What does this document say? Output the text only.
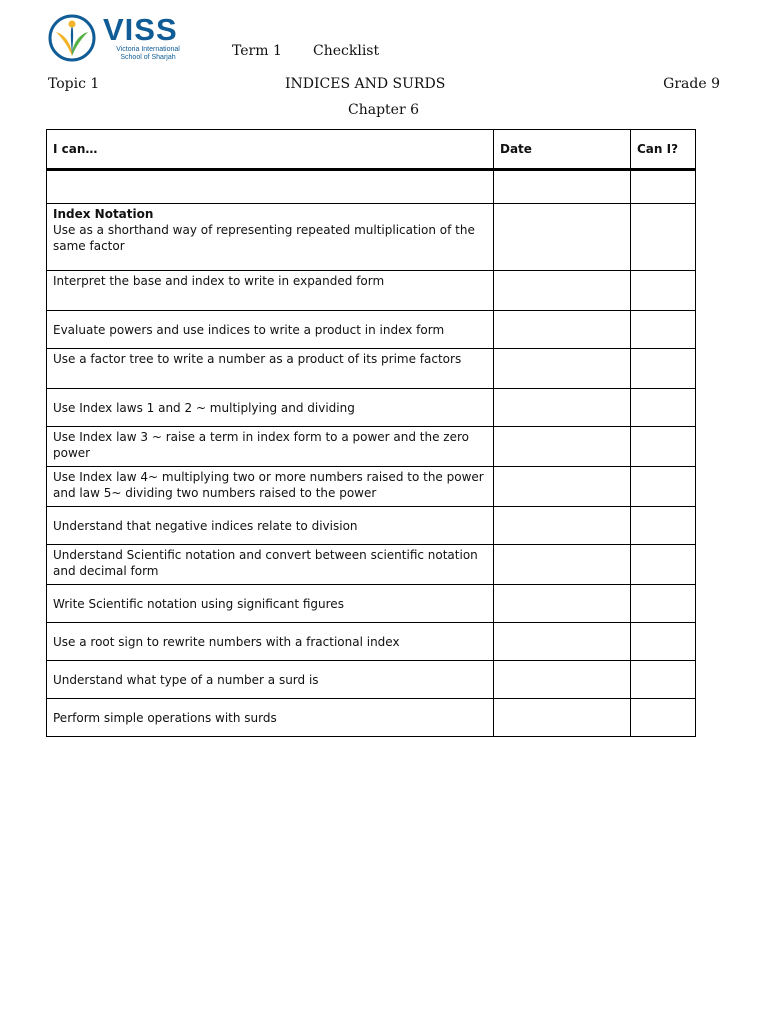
VISS
Victoria International
School of Sharjah	Term 1 Checklist
Topic 1	INDICES AND SURDS	Grade 9
Chapter 6
I can…	Date	Can I?

Index Notation
Use as a shorthand way of representing repeated multiplication of the same factor		
Interpret the base and index to write in expanded form		
Evaluate powers and use indices to write a product in index form		
Use a factor tree to write a number as a product of its prime factors		
Use Index laws 1 and 2 ~ multiplying and dividing		
Use Index law 3 ~ raise a term in index form to a power and the zero power		
Use Index law 4~ multiplying two or more numbers raised to the power and law 5~ dividing two numbers raised to the power		
Understand that negative indices relate to division		
Understand Scientific notation and convert between scientific notation and decimal form		
Write Scientific notation using significant figures		
Use a root sign to rewrite numbers with a fractional index		
Understand what type of a number a surd is		
Perform simple operations with surds		
